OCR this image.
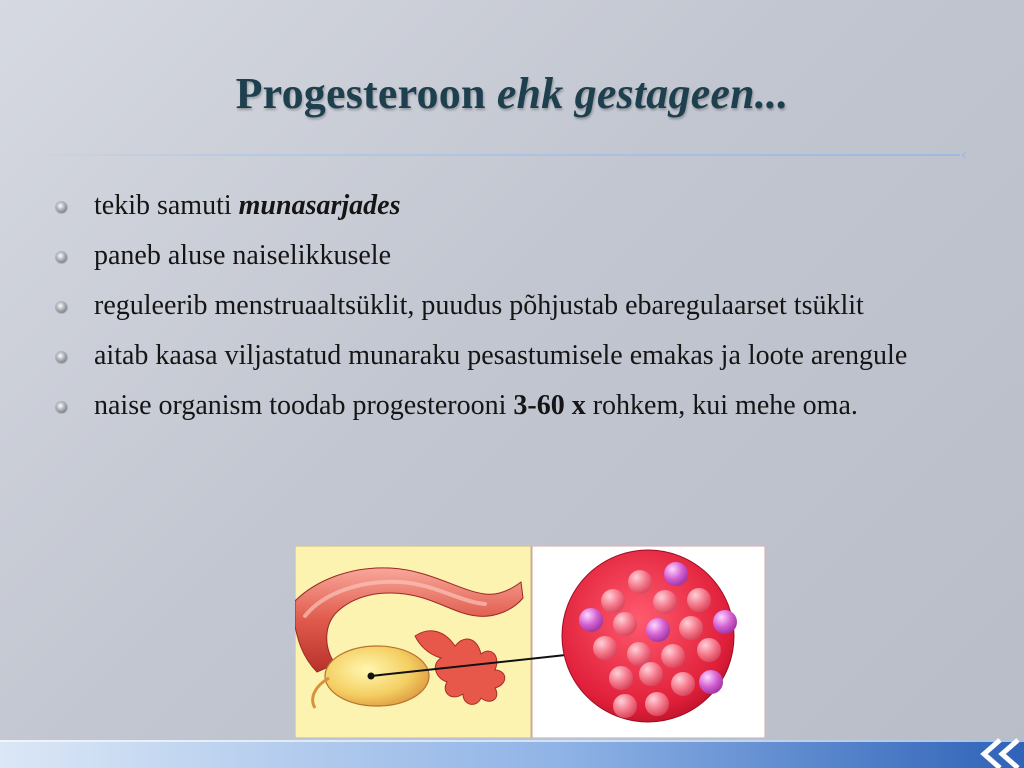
Progesteroon ehk gestageen...
tekib samuti munasarjades
paneb aluse naiselikkusele
reguleerib menstruaaltsüklit, puudus põhjustab ebaregulaarset tsüklit
aitab kaasa viljastatud munaraku pesastumisele emakas ja loote arengule
naise organism toodab progesterooni 3-60 x rohkem, kui mehe oma.
